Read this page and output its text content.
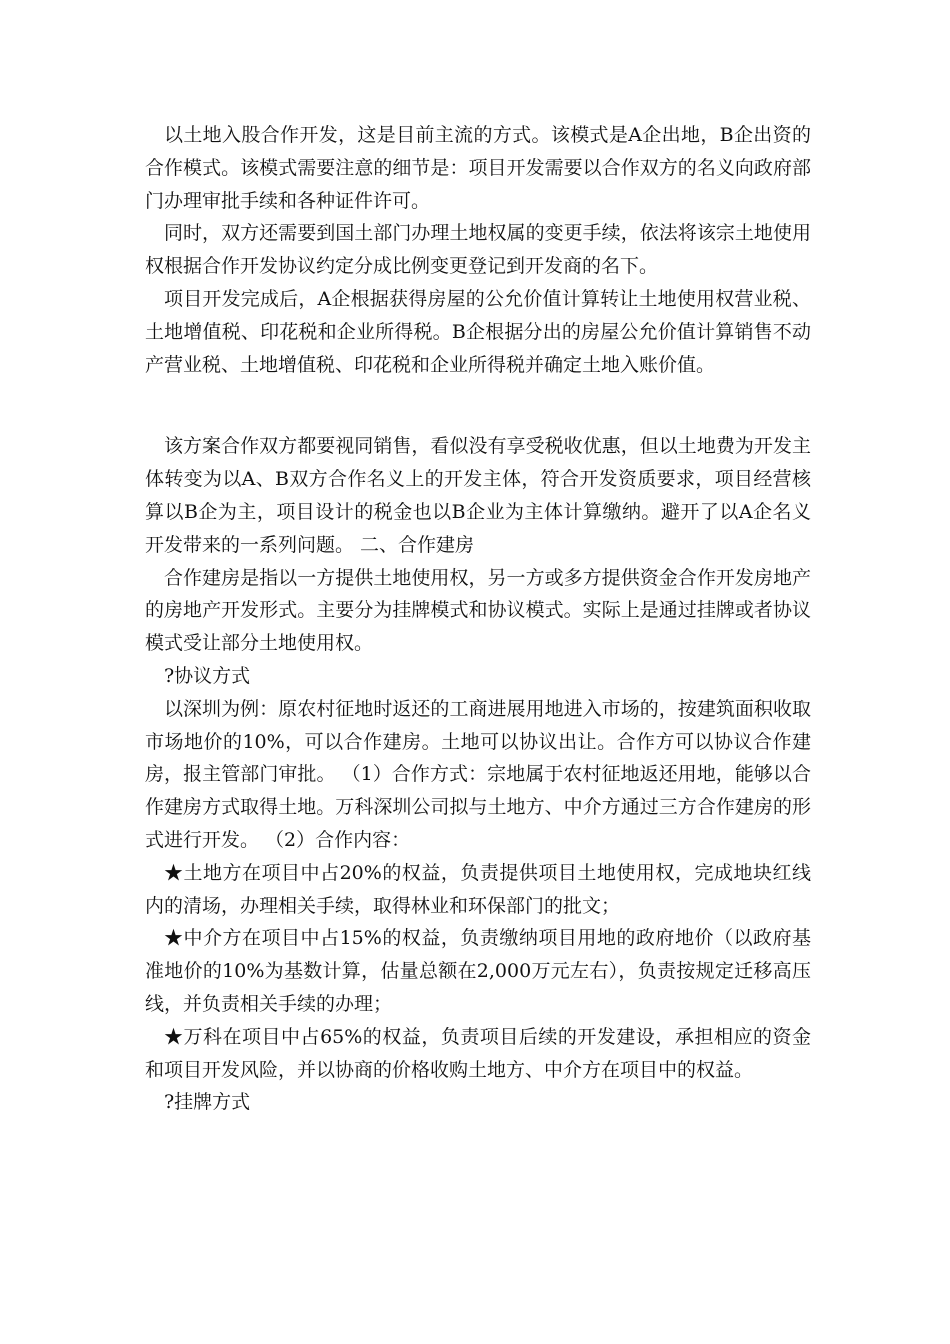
以土地入股合作开发，这是目前主流的方式。该模式是A企出地，B企出资的合作模式。该模式需要注意的细节是：项目开发需要以合作双方的名义向政府部门办理审批手续和各种证件许可。

同时，双方还需要到国土部门办理土地权属的变更手续，依法将该宗土地使用权根据合作开发协议约定分成比例变更登记到开发商的名下。

项目开发完成后，A企根据获得房屋的公允价值计算转让土地使用权营业税、土地增值税、印花税和企业所得税。B企根据分出的房屋公允价值计算销售不动产营业税、土地增值税、印花税和企业所得税并确定土地入账价值。

该方案合作双方都要视同销售，看似没有享受税收优惠，但以土地费为开发主体转变为以A、B双方合作名义上的开发主体，符合开发资质要求，项目经营核算以B企为主，项目设计的税金也以B企业为主体计算缴纳。避开了以A企名义开发带来的一系列问题。 二、合作建房

合作建房是指以一方提供土地使用权，另一方或多方提供资金合作开发房地产的房地产开发形式。主要分为挂牌模式和协议模式。实际上是通过挂牌或者协议模式受让部分土地使用权。

?协议方式

以深圳为例：原农村征地时返还的工商进展用地进入市场的，按建筑面积收取市场地价的10%，可以合作建房。土地可以协议出让。合作方可以协议合作建房，报主管部门审批。 （1）合作方式：宗地属于农村征地返还用地，能够以合作建房方式取得土地。万科深圳公司拟与土地方、中介方通过三方合作建房的形式进行开发。 （2）合作内容：

★土地方在项目中占20%的权益，负责提供项目土地使用权，完成地块红线内的清场，办理相关手续，取得林业和环保部门的批文；

★中介方在项目中占15%的权益，负责缴纳项目用地的政府地价（以政府基准地价的10%为基数计算，估量总额在2,000万元左右），负责按规定迁移高压线，并负责相关手续的办理；

★万科在项目中占65%的权益，负责项目后续的开发建设，承担相应的资金和项目开发风险，并以协商的价格收购土地方、中介方在项目中的权益。

?挂牌方式
